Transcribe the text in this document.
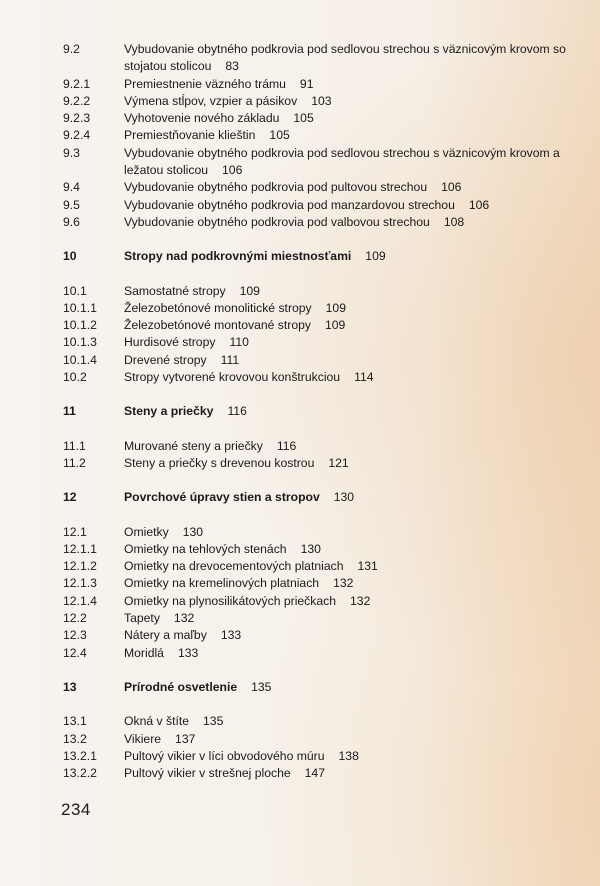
9.2	Vybudovanie obytného podkrovia pod sedlovou strechou s väznicovým krovom so stojatou stolicou 83
9.2.1	Premiestnenie väzného trámu 91
9.2.2	Výmena stĺpov, vzpier a pásikov 103
9.2.3	Vyhotovenie nového základu 105
9.2.4	Premiestňovanie klieštin 105
9.3	Vybudovanie obytného podkrovia pod sedlovou strechou s väznicovým krovom a ležatou stolicou 106
9.4	Vybudovanie obytného podkrovia pod pultovou strechou 106
9.5	Vybudovanie obytného podkrovia pod manzardovou strechou 106
9.6	Vybudovanie obytného podkrovia pod valbovou strechou 108
10	Stropy nad podkrovnými miestnosťami 109
10.1	Samostatné stropy 109
10.1.1 Železobetónové monolitické stropy 109
10.1.2 Železobetónové montované stropy 109
10.1.3 Hurdisové stropy 110
10.1.4 Drevené stropy 111
10.2	Stropy vytvorené krovovou konštrukciou 114
11	Steny a priečky 116
11.1	Murované steny a priečky 116
11.2	Steny a priečky s drevenou kostrou 121
12	Povrchové úpravy stien a stropov 130
12.1	Omietky 130
12.1.1 Omietky na tehlových stenách 130
12.1.2 Omietky na drevocementových platniach 131
12.1.3 Omietky na kremelinových platniach 132
12.1.4 Omietky na plynosilikátových priečkach 132
12.2	Tapety 132
12.3	Nátery a maľby 133
12.4	Moridlá 133
13	Prírodné osvetlenie 135
13.1	Okná v štíte 135
13.2	Vikiere 137
13.2.1 Pultový vikier v líci obvodového múru 138
13.2.2 Pultový vikier v strešnej ploche 147
234
